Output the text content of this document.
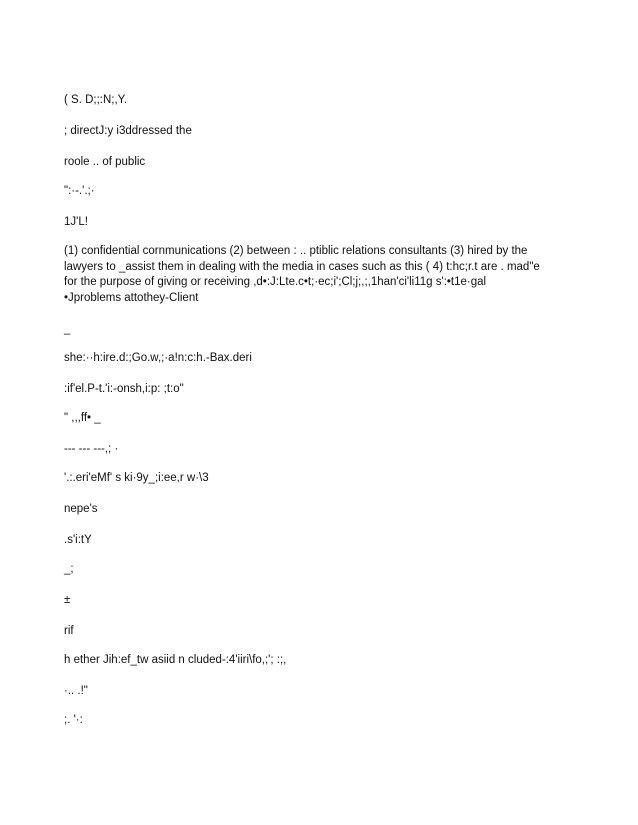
( S. D;;:N;,Y.

; directJ:y i3ddressed the

roole .. of public

":·-.'.;·

1J'L!

(1) confidential cornmunications (2) between : .. ptiblic relations consultants (3) hired by the
lawyers to _assist them in dealing with the media in cases such as this ( 4) t:hc;r.t are . mad"e
for the purpose of giving or receiving ,d•:J:Lte.c•t;·ec;i';Cl;j;,;,1han'ci'li11g s':•t1e·gal
•Jproblems attothey-Client

_

she:··h:ire.d:;Go.w,;·a!n:c:h.-Bax.deri

:if'el.P-t.'i:-onsh,i:p: ;t:o"

" ,,,ff• _

--- --- ---,; ·

'.:.eri'eMf' s ki·9y_;i:ee,r w·\3

nepe's

.s'i:tY

_;

±

rif

h ether Jih:ef_tw asiid n cluded-:4'iiri\fo,;'; :;,

·.. .!"

;. '·:
